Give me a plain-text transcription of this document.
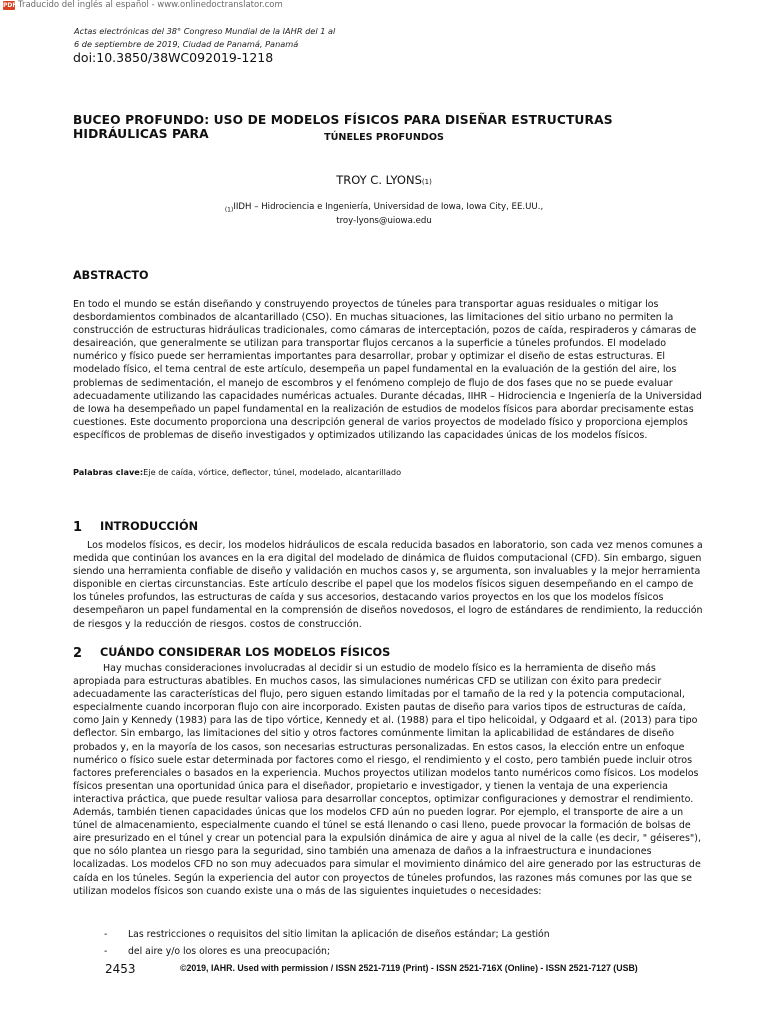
PDF Traducido del inglés al español - www.onlinedoctranslator.com
Actas electrónicas del 38° Congreso Mundial de la IAHR del 1 al
6 de septiembre de 2019, Ciudad de Panamá, Panamá
doi:10.3850/38WC092019-1218
BUCEO PROFUNDO: USO DE MODELOS FÍSICOS PARA DISEÑAR ESTRUCTURAS HIDRÁULICAS PARA	TÚNELES PROFUNDOS
TROY C. LYONS(1)
$_{(1)}$IIDH – Hidrociencia e Ingeniería, Universidad de Iowa, Iowa City, EE.UU.,
troy-lyons@uiowa.edu
ABSTRACTO
En todo el mundo se están diseñando y construyendo proyectos de túneles para transportar aguas residuales o mitigar los desbordamientos combinados de alcantarillado (CSO). En muchas situaciones, las limitaciones del sitio urbano no permiten la construcción de estructuras hidráulicas tradicionales, como cámaras de interceptación, pozos de caída, respiraderos y cámaras de desaireación, que generalmente se utilizan para transportar flujos cercanos a la superficie a túneles profundos. El modelado numérico y físico puede ser herramientas importantes para desarrollar, probar y optimizar el diseño de estas estructuras. El modelado físico, el tema central de este artículo, desempeña un papel fundamental en la evaluación de la gestión del aire, los problemas de sedimentación, el manejo de escombros y el fenómeno complejo de flujo de dos fases que no se puede evaluar adecuadamente utilizando las capacidades numéricas actuales. Durante décadas, IIHR – Hidrociencia e Ingeniería de la Universidad de Iowa ha desempeñado un papel fundamental en la realización de estudios de modelos físicos para abordar precisamente estas cuestiones. Este documento proporciona una descripción general de varios proyectos de modelado físico y proporciona ejemplos específicos de problemas de diseño investigados y optimizados utilizando las capacidades únicas de los modelos físicos.
Palabras clave:Eje de caída, vórtice, deflector, túnel, modelado, alcantarillado
1	INTRODUCCIÓN
Los modelos físicos, es decir, los modelos hidráulicos de escala reducida basados en laboratorio, son cada vez menos comunes a medida que continúan los avances en la era digital del modelado de dinámica de fluidos computacional (CFD). Sin embargo, siguen siendo una herramienta confiable de diseño y validación en muchos casos y, se argumenta, son invaluables y la mejor herramienta disponible en ciertas circunstancias. Este artículo describe el papel que los modelos físicos siguen desempeñando en el campo de los túneles profundos, las estructuras de caída y sus accesorios, destacando varios proyectos en los que los modelos físicos desempeñaron un papel fundamental en la comprensión de diseños novedosos, el logro de estándares de rendimiento, la reducción de riesgos y la reducción de riesgos. costos de construcción.
2	CUÁNDO CONSIDERAR LOS MODELOS FÍSICOS
Hay muchas consideraciones involucradas al decidir si un estudio de modelo físico es la herramienta de diseño más apropiada para estructuras abatibles. En muchos casos, las simulaciones numéricas CFD se utilizan con éxito para predecir adecuadamente las características del flujo, pero siguen estando limitadas por el tamaño de la red y la potencia computacional, especialmente cuando incorporan flujo con aire incorporado. Existen pautas de diseño para varios tipos de estructuras de caída, como Jain y Kennedy (1983) para las de tipo vórtice, Kennedy et al. (1988) para el tipo helicoidal, y Odgaard et al. (2013) para tipo deflector. Sin embargo, las limitaciones del sitio y otros factores comúnmente limitan la aplicabilidad de estándares de diseño probados y, en la mayoría de los casos, son necesarias estructuras personalizadas. En estos casos, la elección entre un enfoque numérico o físico suele estar determinada por factores como el riesgo, el rendimiento y el costo, pero también puede incluir otros factores preferenciales o basados en la experiencia. Muchos proyectos utilizan modelos tanto numéricos como físicos. Los modelos físicos presentan una oportunidad única para el diseñador, propietario e investigador, y tienen la ventaja de una experiencia interactiva práctica, que puede resultar valiosa para desarrollar conceptos, optimizar configuraciones y demostrar el rendimiento. Además, también tienen capacidades únicas que los modelos CFD aún no pueden lograr. Por ejemplo, el transporte de aire a un túnel de almacenamiento, especialmente cuando el túnel se está llenando o casi lleno, puede provocar la formación de bolsas de aire presurizado en el túnel y crear un potencial para la expulsión dinámica de aire y agua al nivel de la calle (es decir, " géiseres"), que no sólo plantea un riesgo para la seguridad, sino también una amenaza de daños a la infraestructura e inundaciones localizadas. Los modelos CFD no son muy adecuados para simular el movimiento dinámico del aire generado por las estructuras de caída en los túneles. Según la experiencia del autor con proyectos de túneles profundos, las razones más comunes por las que se utilizan modelos físicos son cuando existe una o más de las siguientes inquietudes o necesidades:
-	Las restricciones o requisitos del sitio limitan la aplicación de diseños estándar; La gestión
-	del aire y/o los olores es una preocupación;
2453	©2019, IAHR. Used with permission / ISSN 2521-7119 (Print) - ISSN 2521-716X (Online) - ISSN 2521-7127 (USB)
